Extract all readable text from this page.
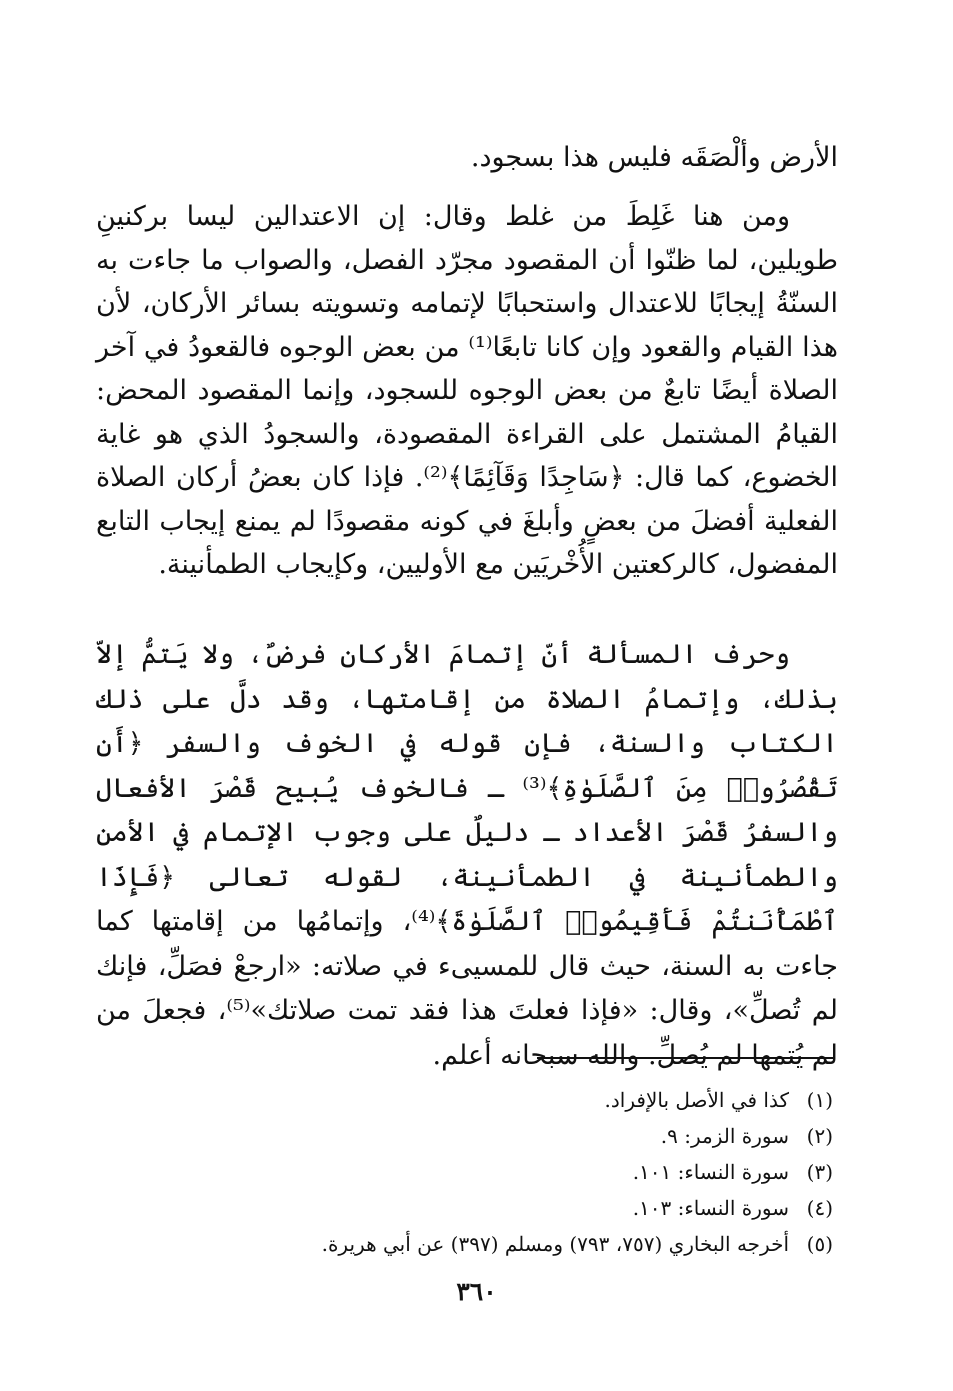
الأرض وألْصَقَه فليس هذا بسجود.
ومن هنا غَلِطَ من غلط وقال: إن الاعتدالين ليسا بركنينِ طويلين، لما ظنّوا أن المقصود مجرّد الفصل، والصواب ما جاءت به السنّةُ إيجابًا للاعتدال واستحبابًا لإتمامه وتسويته بسائر الأركان، لأن هذا القيام والقعود وإن كانا تابعًا⁽¹⁾ من بعض الوجوه فالقعودُ في آخر الصلاة أيضًا تابعٌ من بعض الوجوه للسجود، وإنما المقصود المحض: القيامُ المشتمل على القراءة المقصودة، والسجودُ الذي هو غاية الخضوع، كما قال: ﴿سَاجِدًا وَقَآئِمًا﴾⁽²⁾. فإذا كان بعضُ أركان الصلاة الفعلية أفضلَ من بعضٍ وأبلغَ في كونه مقصودًا لم يمنع إيجاب التابع المفضول، كالركعتين الأُخْريَين مع الأوليين، وكإيجاب الطمأنينة.
وحرف المسألة أنّ إتمامَ الأركان فرضٌ، ولا يَتمُّ إلاّ بذلك، وإتمامُ الصلاة من إقامتها، وقد دلَّ على ذلك الكتاب والسنة، فإن قوله في الخوف والسفر ﴿أَن تَقْصُرُوا۟ مِنَ ٱلصَّلَوٰةِ﴾⁽³⁾ ـ فالخوف يُبيح قَصْرَ الأفعال والسفرُ قَصْرَ الأعداد ـ دليلٌ على وجوب الإتمام في الأمن والطمأنينة في الطمأنينة، لقوله تعالى ﴿فَإِذَا ٱطْمَأْنَنتُمْ فَأَقِيمُوا۟ ٱلصَّلَوٰةَ﴾⁽⁴⁾، وإتمامُها من إقامتها كما جاءت به السنة، حيث قال للمسيىء في صلاته: «ارجعْ فصَلِّ، فإنك لم تُصلِّ»، وقال: «فإذا فعلتَ هذا فقد تمت صلاتك»⁽⁵⁾، فجعلَ من لم يُتمها لم يُصلِّ. والله سبحانه أعلم.
(١)كذا في الأصل بالإفراد.
(٢)سورة الزمر: ٩.
(٣)سورة النساء: ١٠١.
(٤)سورة النساء: ١٠٣.
(٥)أخرجه البخاري (٧٥٧، ٧٩٣) ومسلم (٣٩٧) عن أبي هريرة.
٣٦٠
